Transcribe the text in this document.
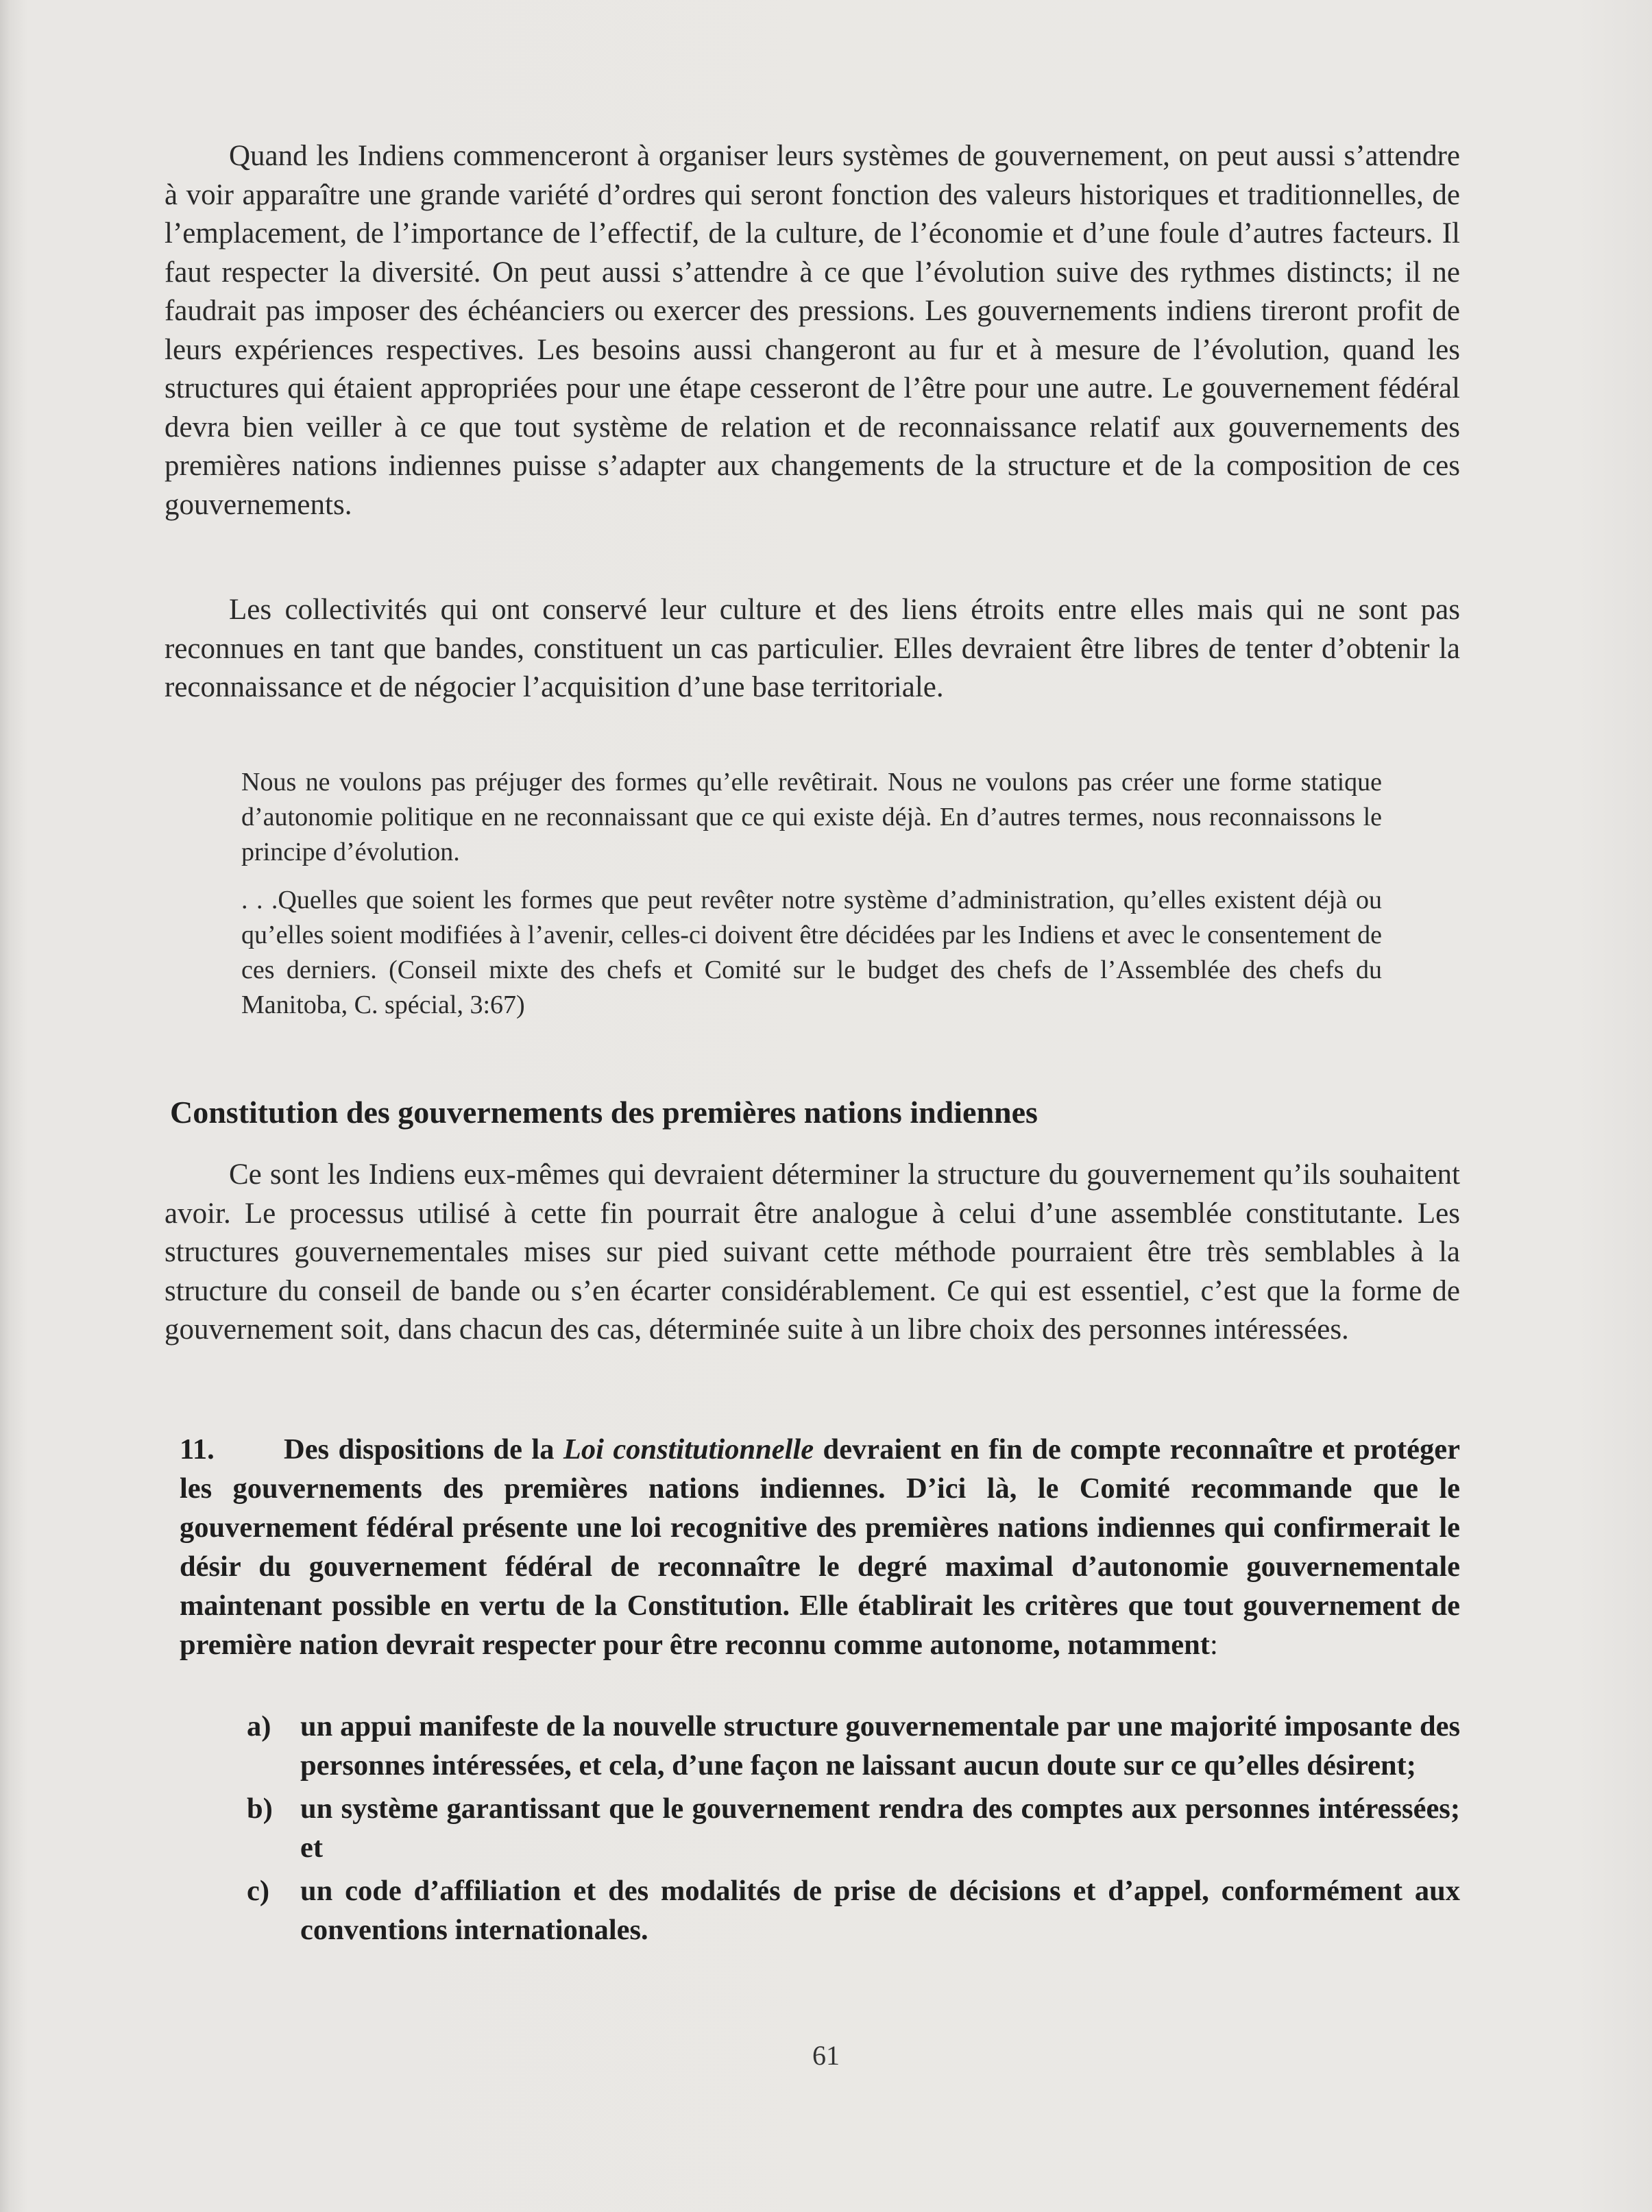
Quand les Indiens commenceront à organiser leurs systèmes de gouvernement, on peut aussi s’attendre à voir apparaître une grande variété d’ordres qui seront fonction des valeurs historiques et traditionnelles, de l’emplacement, de l’importance de l’effectif, de la culture, de l’économie et d’une foule d’autres facteurs. Il faut respecter la diversité. On peut aussi s’attendre à ce que l’évolution suive des rythmes distincts; il ne faudrait pas imposer des échéanciers ou exercer des pressions. Les gouvernements indiens tireront profit de leurs expériences respectives. Les besoins aussi changeront au fur et à mesure de l’évolution, quand les structures qui étaient appropriées pour une étape cesseront de l’être pour une autre. Le gouvernement fédéral devra bien veiller à ce que tout système de relation et de reconnaissance relatif aux gouvernements des premières nations indiennes puisse s’adapter aux changements de la structure et de la composition de ces gouvernements.

Les collectivités qui ont conservé leur culture et des liens étroits entre elles mais qui ne sont pas reconnues en tant que bandes, constituent un cas particulier. Elles devraient être libres de tenter d’obtenir la reconnaissance et de négocier l’acquisition d’une base territoriale.

Nous ne voulons pas préjuger des formes qu’elle revêtirait. Nous ne voulons pas créer une forme statique d’autonomie politique en ne reconnaissant que ce qui existe déjà. En d’autres termes, nous reconnaissons le principe d’évolution.

. . .Quelles que soient les formes que peut revêter notre système d’administration, qu’elles existent déjà ou qu’elles soient modifiées à l’avenir, celles-ci doivent être décidées par les Indiens et avec le consentement de ces derniers. (Conseil mixte des chefs et Comité sur le budget des chefs de l’Assemblée des chefs du Manitoba, C. spécial, 3:67)

Constitution des gouvernements des premières nations indiennes

Ce sont les Indiens eux-mêmes qui devraient déterminer la structure du gouvernement qu’ils souhaitent avoir. Le processus utilisé à cette fin pourrait être analogue à celui d’une assemblée constitutante. Les structures gouvernementales mises sur pied suivant cette méthode pourraient être très semblables à la structure du conseil de bande ou s’en écarter considérablement. Ce qui est essentiel, c’est que la forme de gouvernement soit, dans chacun des cas, déterminée suite à un libre choix des personnes intéressées.

11. Des dispositions de la Loi constitutionnelle devraient en fin de compte reconnaître et protéger les gouvernements des premières nations indiennes. D’ici là, le Comité recommande que le gouvernement fédéral présente une loi recognitive des premières nations indiennes qui confirmerait le désir du gouvernement fédéral de reconnaître le degré maximal d’autonomie gouvernementale maintenant possible en vertu de la Constitution. Elle établirait les critères que tout gouvernement de première nation devrait respecter pour être reconnu comme autonome, notamment:

a)	un appui manifeste de la nouvelle structure gouvernementale par une majorité imposante des personnes intéressées, et cela, d’une façon ne laissant aucun doute sur ce qu’elles désirent;
b) un système garantissant que le gouvernement rendra des comptes aux personnes intéressées; et
c)	un code d’affiliation et des modalités de prise de décisions et d’appel, conformément aux conventions internationales.
61
